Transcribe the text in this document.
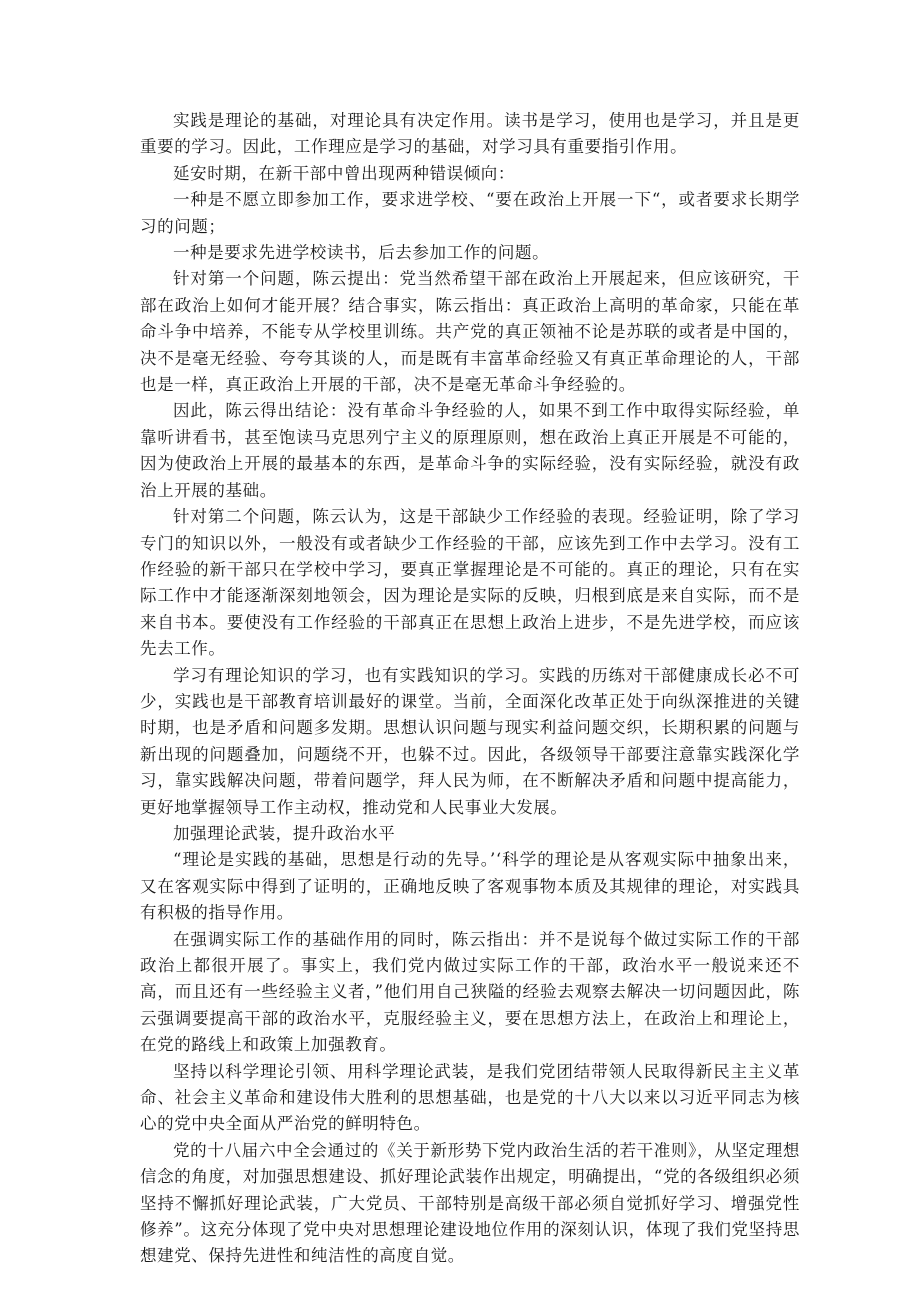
实践是理论的基础，对理论具有决定作用。读书是学习，使用也是学习，并且是更重要的学习。因此，工作理应是学习的基础，对学习具有重要指引作用。

延安时期，在新干部中曾出现两种错误倾向：

一种是不愿立即参加工作，要求进学校、“要在政治上开展一下“，或者要求长期学习的问题；

一种是要求先进学校读书，后去参加工作的问题。

针对第一个问题，陈云提出：党当然希望干部在政治上开展起来，但应该研究，干部在政治上如何才能开展？结合事实，陈云指出：真正政治上高明的革命家，只能在革命斗争中培养，不能专从学校里训练。共产党的真正领袖不论是苏联的或者是中国的，决不是毫无经验、夸夸其谈的人，而是既有丰富革命经验又有真正革命理论的人，干部也是一样，真正政治上开展的干部，决不是毫无革命斗争经验的。

因此，陈云得出结论：没有革命斗争经验的人，如果不到工作中取得实际经验，单靠听讲看书，甚至饱读马克思列宁主义的原理原则，想在政治上真正开展是不可能的，因为使政治上开展的最基本的东西，是革命斗争的实际经验，没有实际经验，就没有政治上开展的基础。

针对第二个问题，陈云认为，这是干部缺少工作经验的表现。经验证明，除了学习专门的知识以外，一般没有或者缺少工作经验的干部，应该先到工作中去学习。没有工作经验的新干部只在学校中学习，要真正掌握理论是不可能的。真正的理论，只有在实际工作中才能逐渐深刻地领会，因为理论是实际的反映，归根到底是来自实际，而不是来自书本。要使没有工作经验的干部真正在思想上政治上进步，不是先进学校，而应该先去工作。

学习有理论知识的学习，也有实践知识的学习。实践的历练对干部健康成长必不可少，实践也是干部教育培训最好的课堂。当前，全面深化改革正处于向纵深推进的关键时期，也是矛盾和问题多发期。思想认识问题与现实利益问题交织，长期积累的问题与新出现的问题叠加，问题绕不开，也躲不过。因此，各级领导干部要注意靠实践深化学习，靠实践解决问题，带着问题学，拜人民为师，在不断解决矛盾和问题中提高能力，更好地掌握领导工作主动权，推动党和人民事业大发展。

加强理论武装，提升政治水平

“理论是实践的基础，思想是行动的先导。’‘科学的理论是从客观实际中抽象出来，又在客观实际中得到了证明的，正确地反映了客观事物本质及其规律的理论，对实践具有积极的指导作用。

在强调实际工作的基础作用的同时，陈云指出：并不是说每个做过实际工作的干部政治上都很开展了。事实上，我们党内做过实际工作的干部，政治水平一般说来还不高，而且还有一些经验主义者，”他们用自己狭隘的经验去观察去解决一切问题因此，陈云强调要提高干部的政治水平，克服经验主义，要在思想方法上，在政治上和理论上，在党的路线上和政策上加强教育。

坚持以科学理论引领、用科学理论武装，是我们党团结带领人民取得新民主主义革命、社会主义革命和建设伟大胜利的思想基础，也是党的十八大以来以习近平同志为核心的党中央全面从严治党的鲜明特色。

党的十八届六中全会通过的《关于新形势下党内政治生活的若干准则》，从坚定理想信念的角度，对加强思想建设、抓好理论武装作出规定，明确提出，“党的各级组织必须坚持不懈抓好理论武装，广大党员、干部特别是高级干部必须自觉抓好学习、增强党性修养”。这充分体现了党中央对思想理论建设地位作用的深刻认识，体现了我们党坚持思想建党、保持先进性和纯洁性的高度自觉。
